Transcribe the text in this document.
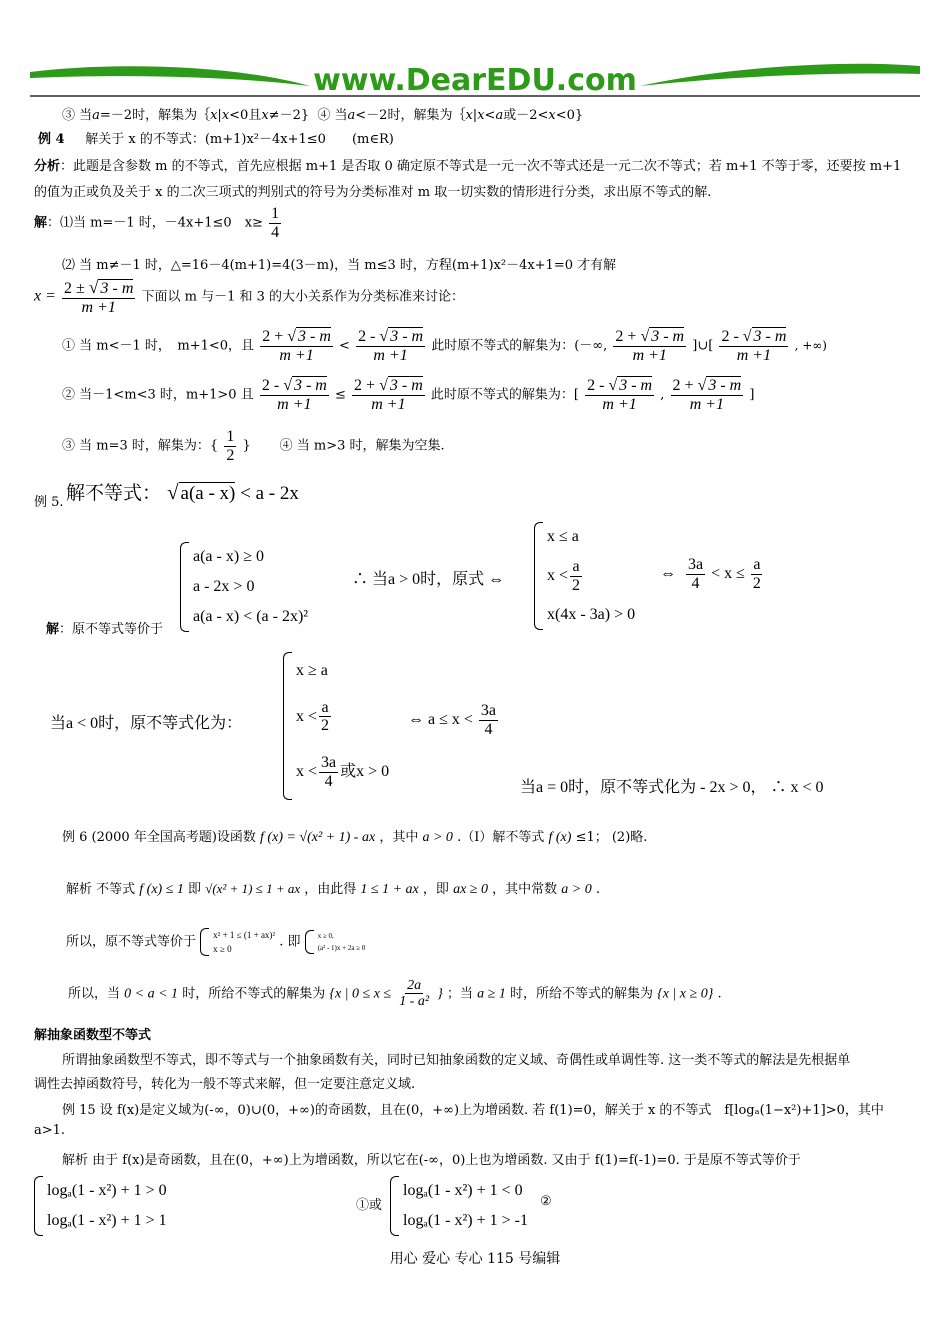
www.DearEDU.com
③ 当a=－2时，解集为｛x|x<0且x≠－2} ④ 当a<－2时，解集为｛x|x<a或－2<x<0}
例 4 解关于 x 的不等式：(m+1)x²－4x+1≤0　　(m∈R)
分析：此题是含参数 m 的不等式，首先应根据 m+1 是否取 0 确定原不等式是一元一次不等式还是一元二次不等式；若 m+1 不等于零，还要按 m+1
的值为正或负及关于 x 的二次三项式的判别式的符号为分类标准对 m 取一切实数的情形进行分类，求出原不等式的解.
解：⑴当 m=－1 时，－4x+1≤0　$x\ge \frac{1}{4}$
⑵ 当 m≠－1 时，△=16－4(m+1)=4(3－m)，当 m≤3 时，方程(m+1)x²－4x+1=0 才有解
$x = \frac{2 \pm √ 3 - m}{m +1}$ 下面以 m 与－1 和 3 的大小关系作为分类标准来讨论：
① 当 m<－1 时，　m+1<0，且 $\frac{2 + √ 3 - m}{m +1} < \frac{2 - √ 3 - m}{m +1}$ 此时原不等式的解集为：(－∞, $\frac{2 + √ 3 - m}{m +1}$ ]∪[ $\frac{2 - √ 3 - m}{m +1}$ , +∞)
② 当－1<m<3 时，m+1>0 且 $\frac{2 - √ 3 - m}{m +1} \le \frac{2 + √ 3 - m}{m +1}$ 此时原不等式的解集为：[ $\frac{2 - √ 3 - m}{m +1}$ , $\frac{2 + √ 3 - m}{m +1}$ ]
③ 当 m=3 时，解集为：{ $\frac{1}{2}$ } ④ 当 m>3 时，解集为空集.
例 5. 解不等式： √ a(a - x) < a - 2x
解：原不等式等价于
a(a - x) ≥ 0
a - 2x > 0
a(a - x) < (a - 2x)²
∴ 当a > 0时，原式 ⇔
x ≤ a
$x < \frac{a}{2}$
x(4x - 3a) > 0
⇔ $\frac{3a}{4} < x \le \frac{a}{2}$
当a < 0时，原不等式化为：
x ≥ a
$x < \frac{a}{2}$
$x < \frac{3a}{4}$ 或x > 0
⇔ $a \le x < \frac{3a}{4}$
当a = 0时，原不等式化为 - 2x > 0， ∴ x < 0
例 6 (2000 年全国高考题)设函数 f (x) = √(x² + 1) - ax ，其中 a > 0 .（Ⅰ）解不等式 f (x) ≤1； (2)略.
解析 不等式 f (x) ≤ 1 即 √(x² + 1) ≤ 1 + ax ，由此得 1 ≤ 1 + ax ，即 ax ≥ 0 ，其中常数 a > 0 .
所以，原不等式等价于 x² + 1 ≤ (1 + ax)²
x ≥ 0	. 即 x ≥ 0,
(a² - 1)x + 2a ≥ 0
所以，当 0 < a < 1 时，所给不等式的解集为 {x | $0 \le x \le \frac{2a}{\text{1 - a²}}$ } ；当 a ≥ 1 时，所给不等式的解集为 {x | x ≥ 0} .
解抽象函数型不等式
所谓抽象函数型不等式，即不等式与一个抽象函数有关，同时已知抽象函数的定义域、奇偶性或单调性等. 这一类不等式的解法是先根据单
调性去掉函数符号，转化为一般不等式来解，但一定要注意定义域.
例 15 设 f(x)是定义域为(-∞，0)∪(0，+∞)的奇函数，且在(0，+∞)上为增函数. 若 f(1)=0，解关于 x 的不等式　f[logₐ(1−x²)+1]>0，其中
a>1.
解析 由于 f(x)是奇函数，且在(0，+∞)上为增函数，所以它在(-∞，0)上也为增函数. 又由于 f(1)=f(-1)=0. 于是原不等式等价于
logₐ(1 - x²) + 1 > 0
logₐ(1 - x²) + 1 > 1
①或
logₐ(1 - x²) + 1 < 0
logₐ(1 - x²) + 1 > -1
②
用心 爱心 专心 115 号编辑
